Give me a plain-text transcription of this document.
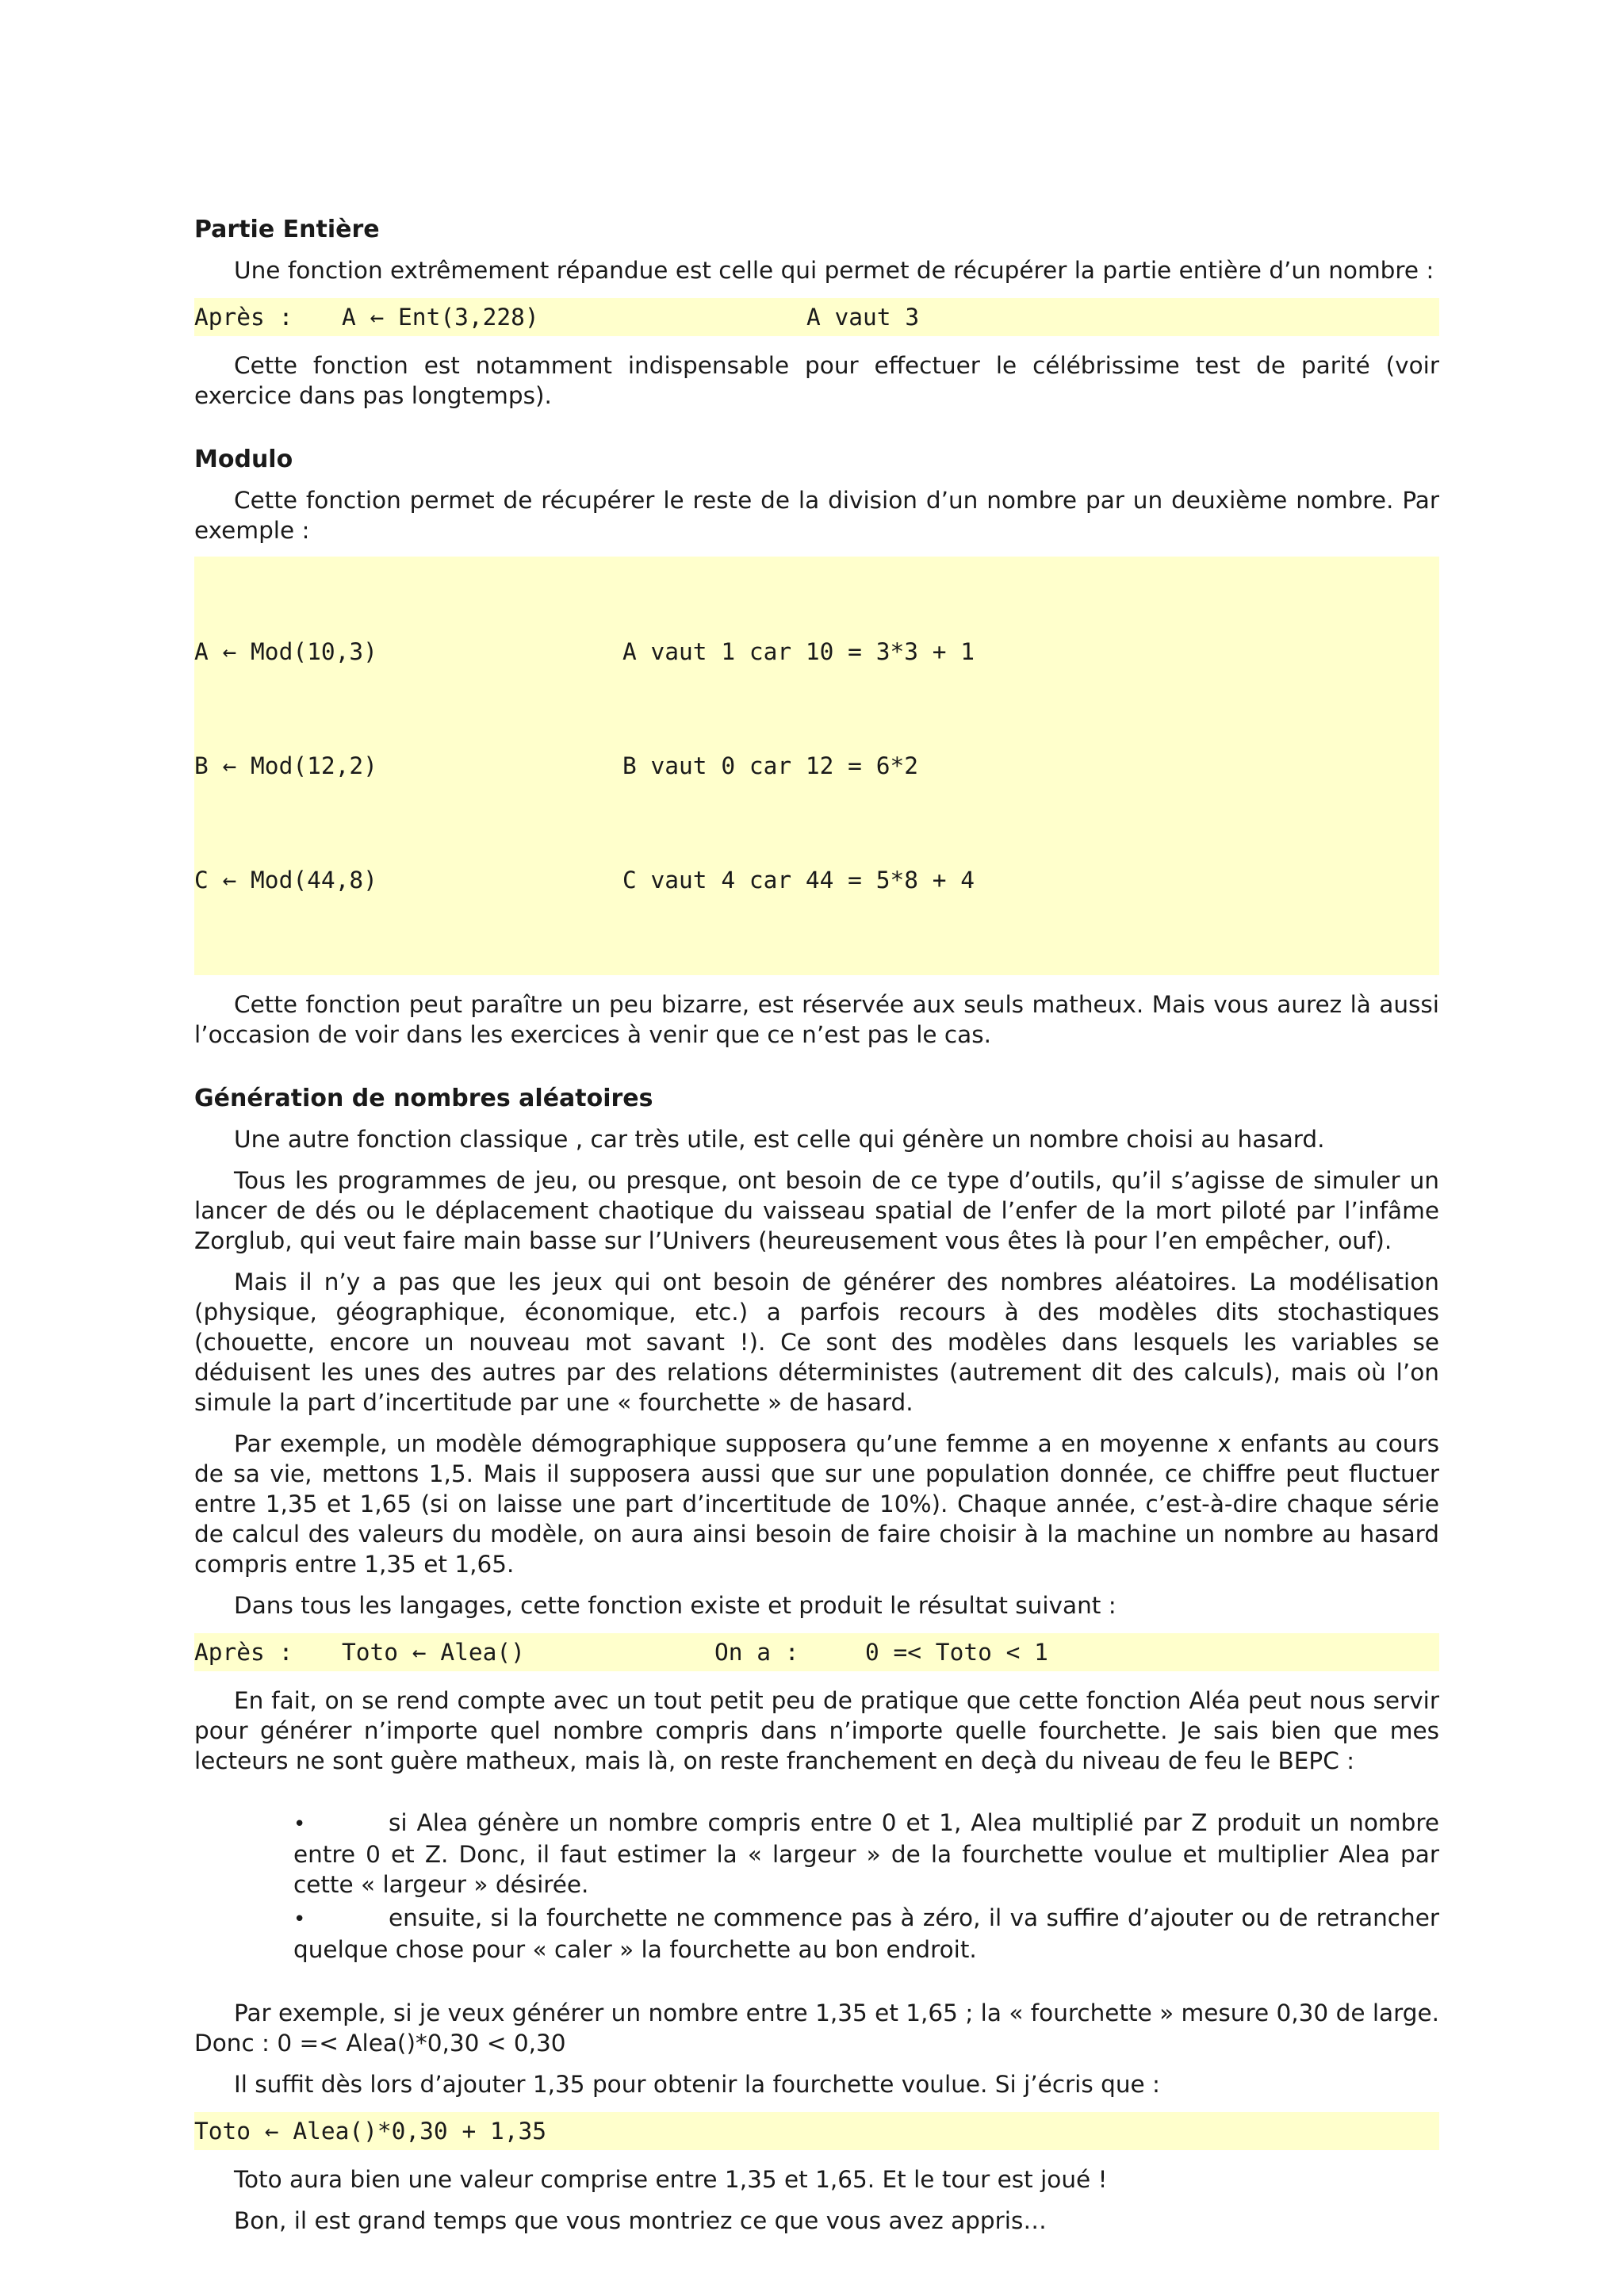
Partie Entière

Une fonction extrêmement répandue est celle qui permet de récupérer la partie entière d’un nombre :

Après : A ← Ent(3,228)	A vaut 3

Cette fonction est notamment indispensable pour effectuer le célébrissime test de parité (voir exercice dans pas longtemps).

Modulo

Cette fonction permet de récupérer le reste de la division d’un nombre par un deuxième nombre. Par exemple :

A ← Mod(10,3)	A vaut 1 car 10 = 3*3 + 1

B ← Mod(12,2)	B vaut 0 car 12 = 6*2

C ← Mod(44,8)	C vaut 4 car 44 = 5*8 + 4

Cette fonction peut paraître un peu bizarre, est réservée aux seuls matheux. Mais vous aurez là aussi l’occasion de voir dans les exercices à venir que ce n’est pas le cas.

Génération de nombres aléatoires

Une autre fonction classique , car très utile, est celle qui génère un nombre choisi au hasard.

Tous les programmes de jeu, ou presque, ont besoin de ce type d’outils, qu’il s’agisse de simuler un lancer de dés ou le déplacement chaotique du vaisseau spatial de l’enfer de la mort piloté par l’infâme Zorglub, qui veut faire main basse sur l’Univers (heureusement vous êtes là pour l’en empêcher, ouf).

Mais il n’y a pas que les jeux qui ont besoin de générer des nombres aléatoires. La modélisation (physique, géographique, économique, etc.) a parfois recours à des modèles dits stochastiques (chouette, encore un nouveau mot savant !). Ce sont des modèles dans lesquels les variables se déduisent les unes des autres par des relations déterministes (autrement dit des calculs), mais où l’on simule la part d’incertitude par une « fourchette » de hasard.

Par exemple, un modèle démographique supposera qu’une femme a en moyenne x enfants au cours de sa vie, mettons 1,5. Mais il supposera aussi que sur une population donnée, ce chiffre peut fluctuer entre 1,35 et 1,65 (si on laisse une part d’incertitude de 10%). Chaque année, c’est-à-dire chaque série de calcul des valeurs du modèle, on aura ainsi besoin de faire choisir à la machine un nombre au hasard compris entre 1,35 et 1,65.

Dans tous les langages, cette fonction existe et produit le résultat suivant :

Après : Toto ← Alea()	On a :	0 =< Toto < 1

En fait, on se rend compte avec un tout petit peu de pratique que cette fonction Aléa peut nous servir pour générer n’importe quel nombre compris dans n’importe quelle fourchette. Je sais bien que mes lecteurs ne sont guère matheux, mais là, on reste franchement en deçà du niveau de feu le BEPC :

•	si Alea génère un nombre compris entre 0 et 1, Alea multiplié par Z produit un nombre entre 0 et Z. Donc, il faut estimer la « largeur » de la fourchette voulue et multiplier Alea par cette « largeur » désirée.
•	ensuite, si la fourchette ne commence pas à zéro, il va suffire d’ajouter ou de retrancher quelque chose pour « caler » la fourchette au bon endroit.

Par exemple, si je veux générer un nombre entre 1,35 et 1,65 ; la « fourchette » mesure 0,30 de large. Donc : 0 =< Alea()*0,30 < 0,30

Il suffit dès lors d’ajouter 1,35 pour obtenir la fourchette voulue. Si j’écris que :

Toto ← Alea()*0,30 + 1,35

Toto aura bien une valeur comprise entre 1,35 et 1,65. Et le tour est joué !

Bon, il est grand temps que vous montriez ce que vous avez appris…
